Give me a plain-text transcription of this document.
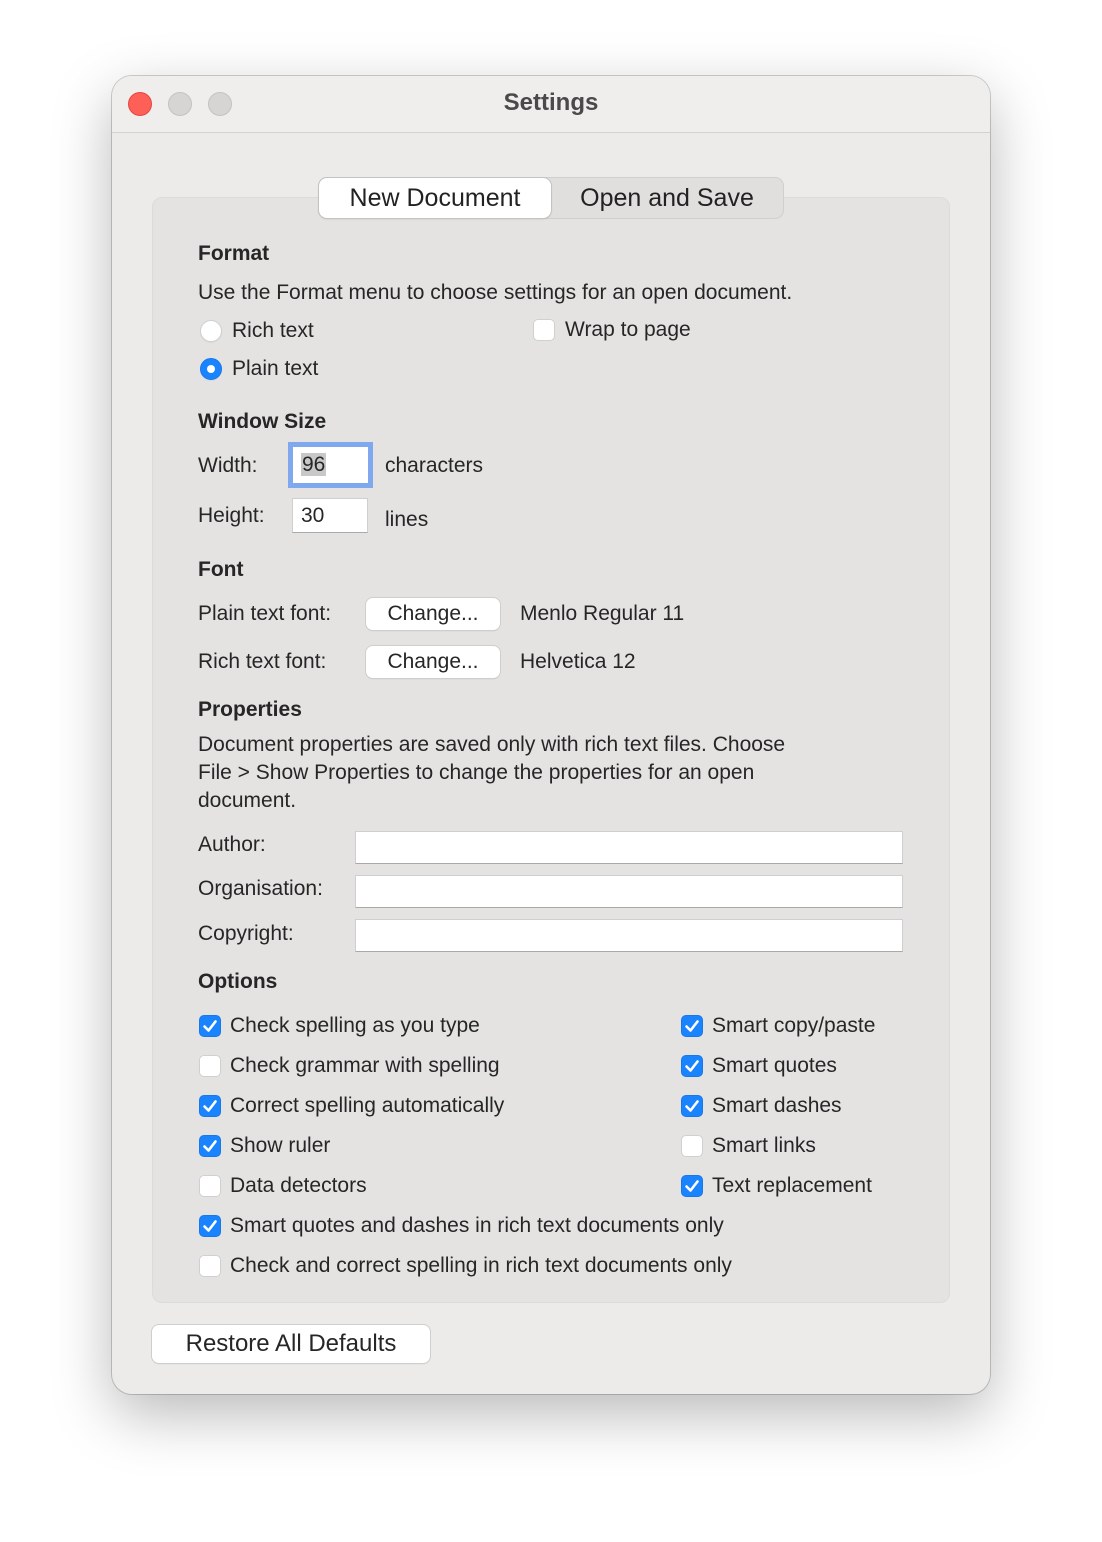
Settings
New Document	Open and Save
Format
Use the Format menu to choose settings for an open document.
Rich text
Plain text
Wrap to page
Window Size
Width:	96	characters
Height:	30	lines
Font
Plain text font:	Change...	Menlo Regular 11
Rich text font:	Change...	Helvetica 12
Properties
Document properties are saved only with rich text files. Choose
File > Show Properties to change the properties for an open
document.
Author:
Organisation:
Copyright:
Options
Check spelling as you type
Check grammar with spelling
Correct spelling automatically
Show ruler
Data detectors
Smart copy/paste
Smart quotes
Smart dashes
Smart links
Text replacement
Smart quotes and dashes in rich text documents only
Check and correct spelling in rich text documents only
Restore All Defaults
